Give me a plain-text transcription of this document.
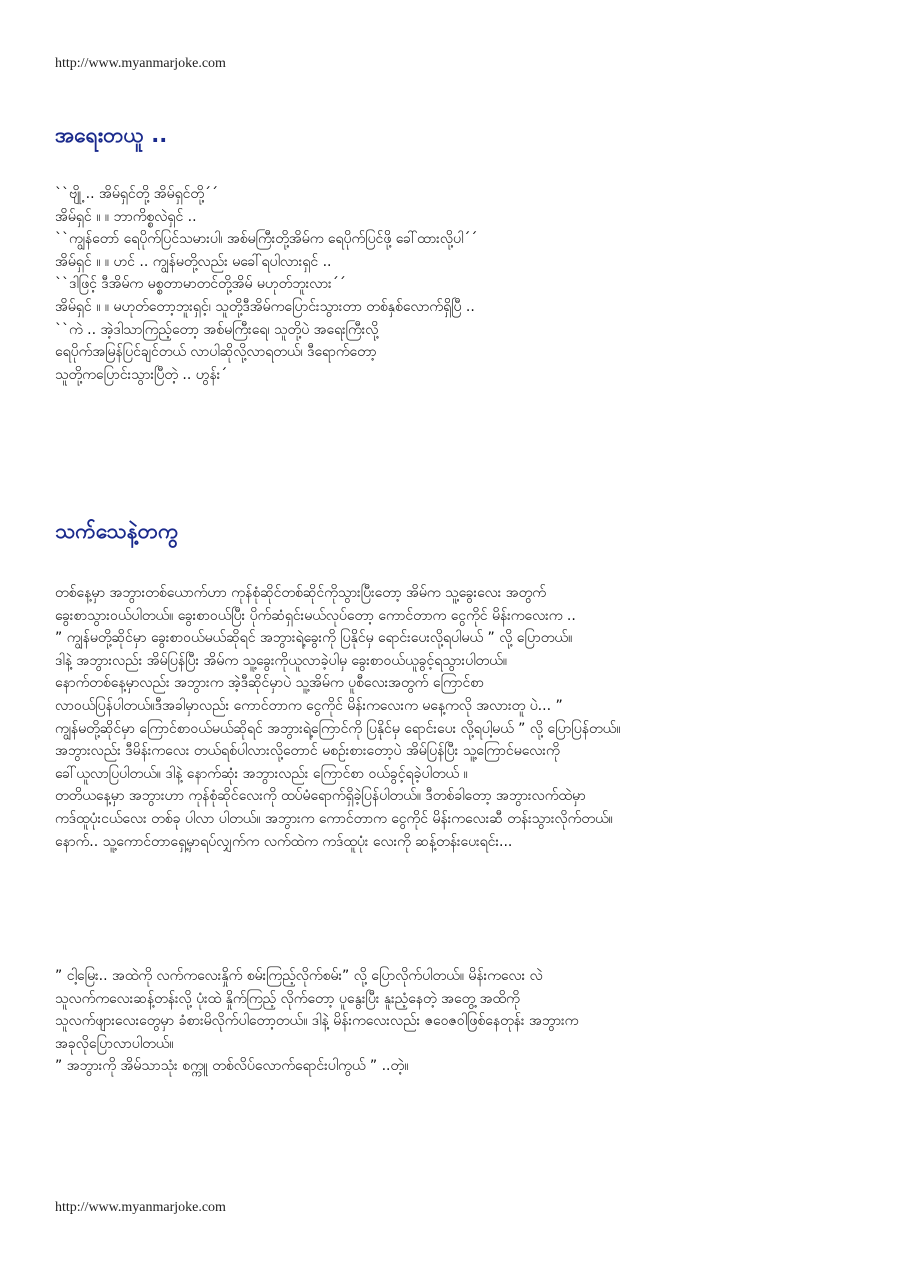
http://www.myanmarjoke.com
အရေးတယူ ..
``ဗျို့ .. အိမ်ရှင်တို့ အိမ်ရှင်တို့´´
အိမ်ရှင် ။ ။ ဘာကိစ္စလဲရှင် ..
``ကျွန်တော် ရေပိုက်ပြင်သမားပါ၊ အစ်မကြီးတို့အိမ်က ရေပိုက်ပြင်ဖို့ ခေါ်ထားလို့ပါ´´
အိမ်ရှင် ။ ။ ဟင် .. ကျွန်မတို့လည်း မခေါ်ရပါလားရှင် ..
``ဒါဖြင့် ဒီအိမ်က မစ္စတာမာတင်တို့အိမ် မဟုတ်ဘူးလား´´
အိမ်ရှင် ။ ။ မဟုတ်တော့ဘူးရှင့်၊ သူတို့ဒီအိမ်ကပြောင်းသွားတာ တစ်နှစ်လောက်ရှိပြီ ..
``ကဲ .. အဲ့ဒါသာကြည့်တော့ အစ်မကြီးရေ၊ သူတို့ပဲ အရေးကြီးလို့
ရေပိုက်အမြန်ပြင်ချင်တယ် လာပါဆိုလို့လာရတယ်၊ ဒီရောက်တော့
သူတို့ကပြောင်းသွားပြီတဲ့ .. ဟွန်း´
သက်သေနဲ့တကွ
တစ်နေ့မှာ အဘွားတစ်ယောက်ဟာ ကုန်စုံဆိုင်တစ်ဆိုင်ကိုသွားပြီးတော့ အိမ်က သူ့ခွေးလေး အတွက်
ခွေးစာသွားဝယ်ပါတယ်။ ခွေးစာဝယ်ပြီး ပိုက်ဆံရှင်းမယ်လုပ်တော့ ကောင်တာက ငွေကိုင် မိန်းကလေးက ..
” ကျွန်မတို့ဆိုင်မှာ ခွေးစာဝယ်မယ်ဆိုရင် အဘွားရဲ့ခွေးကို ပြနိုင်မှ ရောင်းပေးလို့ရပါမယ် ” လို့ ပြောတယ်။
ဒါနဲ့ အဘွားလည်း အိမ်ပြန်ပြီး အိမ်က သူ့ခွေးကိုယူလာခဲ့ပါမှ ခွေးစာဝယ်ယူခွင့်ရသွားပါတယ်။
နောက်တစ်နေ့မှာလည်း အဘွားက အဲ့ဒီဆိုင်မှာပဲ သူ့အိမ်က ပူစီလေးအတွက် ကြောင်စာ
လာဝယ်ပြန်ပါတယ်။ဒီအခါမှာလည်း ကောင်တာက ငွေကိုင် မိန်းကလေးက မနေ့ကလို အလားတူ ပဲ... ”
ကျွန်မတို့ဆိုင်မှာ ကြောင်စာဝယ်မယ်ဆိုရင် အဘွားရဲ့ကြောင်ကို ပြနိုင်မှ ရောင်းပေး လို့ရပါ့မယ် ” လို့ ပြောပြန်တယ်။
အဘွားလည်း ဒီမိန်းကလေး တယ်ရစ်ပါလားလို့တောင် မစဉ်းစားတော့ပဲ အိမ်ပြန်ပြီး သူ့ကြောင်မလေးကို
ခေါ်ယူလာပြပါတယ်။ ဒါနဲ့ နောက်ဆုံး အဘွားလည်း ကြောင်စာ ဝယ်ခွင့်ရခဲ့ပါတယ် ။
တတိယနေ့မှာ အဘွားဟာ ကုန်စုံဆိုင်လေးကို ထပ်မံရောက်ရှိခဲ့ပြန်ပါတယ်။ ဒီတစ်ခါတော့ အဘွားလက်ထဲမှာ
ကဒ်ထူပုံးငယ်လေး တစ်ခု ပါလာ ပါတယ်။ အဘွားက ကောင်တာက ငွေကိုင် မိန်းကလေးဆီ တန်းသွားလိုက်တယ်။
နောက်.. သူ့ကောင်တာရှေ့မှာရပ်လျှက်က လက်ထဲက ကဒ်ထူပုံး လေးကို ဆန့်တန်းပေးရင်း...
” ငါ့မြေး.. အထဲကို လက်ကလေးနှိုက် စမ်းကြည့်လိုက်စမ်း” လို့ ပြောလိုက်ပါတယ်။ မိန်းကလေး လဲ
သူလက်ကလေးဆန့်တန်းလို့ ပုံးထဲ နှိုက်ကြည့် လိုက်တော့ ပူနွေးပြီး နူးညံ့နေတဲ့ အတွေ့ အထိကို
သူလက်ဖျားလေးတွေမှာ ခံစားမိလိုက်ပါတော့တယ်။ ဒါနဲ့ မိန်းကလေးလည်း ဇဝေဇဝါဖြစ်နေတုန်း အဘွားက
အခုလိုပြောလာပါတယ်။
” အဘွားကို အိမ်သာသုံး စက္ကူ တစ်လိပ်လောက်ရောင်းပါကွယ် ” ..တဲ့။
http://www.myanmarjoke.com
